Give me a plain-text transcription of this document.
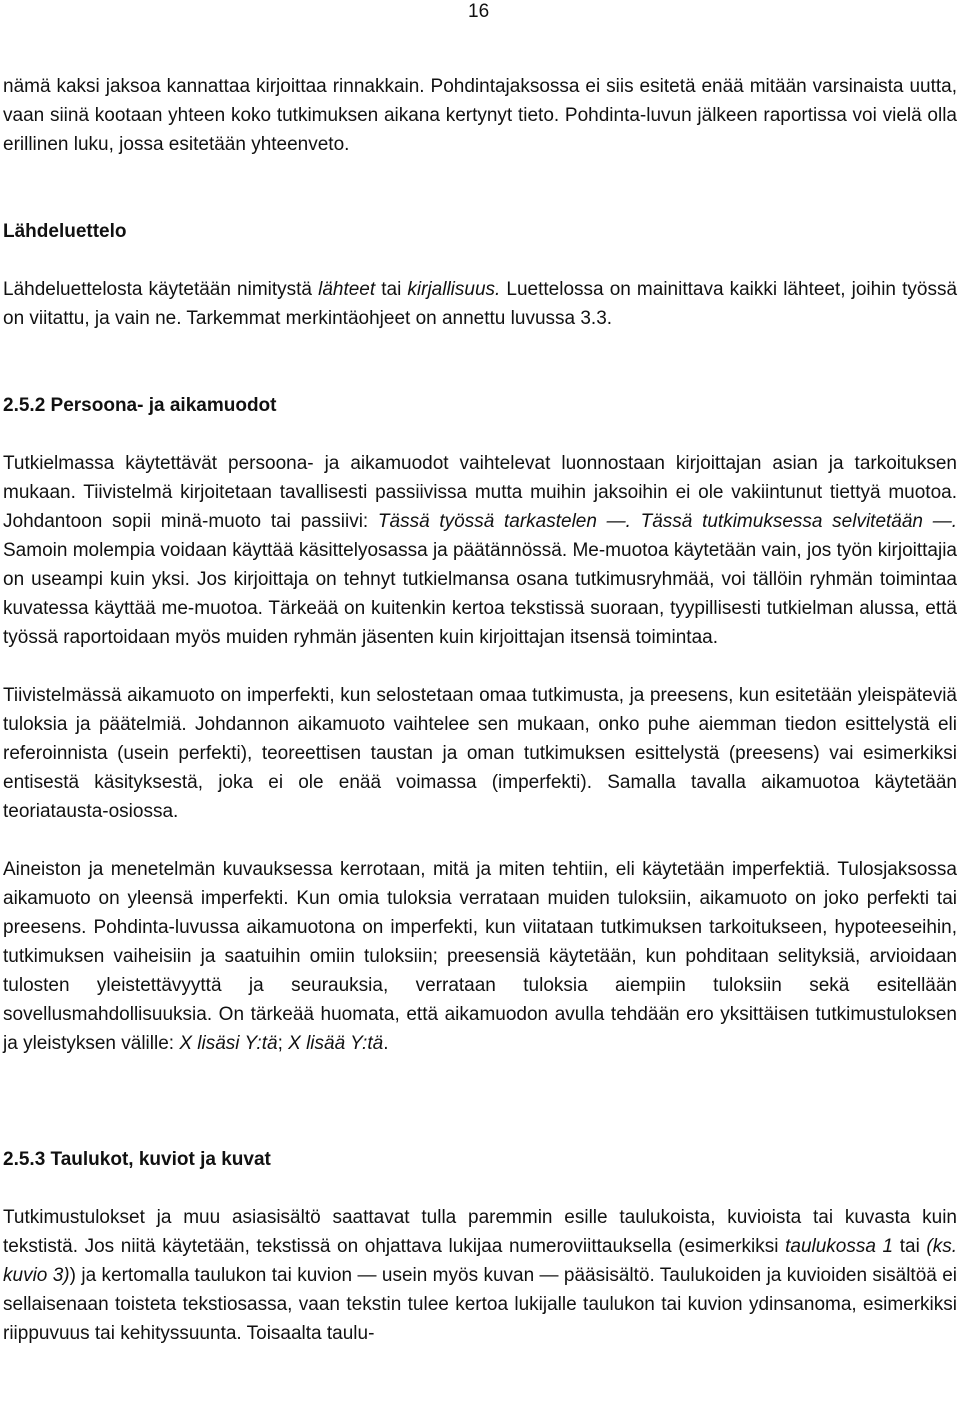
16

nämä kaksi jaksoa kannattaa kirjoittaa rinnakkain. Pohdintajaksossa ei siis esitetä enää mitään varsinaista uutta, vaan siinä kootaan yhteen koko tutkimuksen aikana kertynyt tieto. Pohdinta-luvun jälkeen raportissa voi vielä olla erillinen luku, jossa esitetään yhteenveto.

Lähdeluettelo

Lähdeluettelosta käytetään nimitystä lähteet tai kirjallisuus. Luettelossa on mainittava kaikki lähteet, joihin työssä on viitattu, ja vain ne. Tarkemmat merkintäohjeet on annettu luvussa 3.3.

2.5.2 Persoona- ja aikamuodot

Tutkielmassa käytettävät persoona- ja aikamuodot vaihtelevat luonnostaan kirjoittajan asian ja tarkoituksen mukaan. Tiivistelmä kirjoitetaan tavallisesti passiivissa mutta muihin jaksoihin ei ole vakiintunut tiettyä muotoa. Johdantoon sopii minä-muoto tai passiivi: Tässä työssä tarkastelen —. Tässä tutkimuksessa selvitetään —. Samoin molempia voidaan käyttää käsittelyosassa ja päätännössä. Me-muotoa käytetään vain, jos työn kirjoittajia on useampi kuin yksi. Jos kirjoittaja on tehnyt tutkielmansa osana tutkimusryhmää, voi tällöin ryhmän toimintaa kuvatessa käyttää me-muotoa. Tärkeää on kuitenkin kertoa tekstissä suoraan, tyypillisesti tutkielman alussa, että työssä raportoidaan myös muiden ryhmän jäsenten kuin kirjoittajan itsensä toimintaa.

Tiivistelmässä aikamuoto on imperfekti, kun selostetaan omaa tutkimusta, ja preesens, kun esitetään yleispäteviä tuloksia ja päätelmiä. Johdannon aikamuoto vaihtelee sen mukaan, onko puhe aiemman tiedon esittelystä eli referoinnista (usein perfekti), teoreettisen taustan ja oman tutkimuksen esittelystä (preesens) vai esimerkiksi entisestä käsityksestä, joka ei ole enää voimassa (imperfekti). Samalla tavalla aikamuotoa käytetään teoriatausta-osiossa.

Aineiston ja menetelmän kuvauksessa kerrotaan, mitä ja miten tehtiin, eli käytetään imperfektiä. Tulosjaksossa aikamuoto on yleensä imperfekti. Kun omia tuloksia verrataan muiden tuloksiin, aikamuoto on joko perfekti tai preesens. Pohdinta-luvussa aikamuotona on imperfekti, kun viitataan tutkimuksen tarkoitukseen, hypoteeseihin, tutkimuksen vaiheisiin ja saatuihin omiin tuloksiin; preesensiä käytetään, kun pohditaan selityksiä, arvioidaan tulosten yleistettävyyttä ja seurauksia, verrataan tuloksia aiempiin tuloksiin sekä esitellään sovellusmahdollisuuksia. On tärkeää huomata, että aikamuodon avulla tehdään ero yksittäisen tutkimustuloksen ja yleistyksen välille: X lisäsi Y:tä; X lisää Y:tä.

2.5.3 Taulukot, kuviot ja kuvat

Tutkimustulokset ja muu asiasisältö saattavat tulla paremmin esille taulukoista, kuvioista tai kuvasta kuin tekstistä. Jos niitä käytetään, tekstissä on ohjattava lukijaa numeroviittauksella (esimerkiksi taulukossa 1 tai (ks. kuvio 3)) ja kertomalla taulukon tai kuvion — usein myös kuvan — pääsisältö. Taulukoiden ja kuvioiden sisältöä ei sellaisenaan toisteta tekstiosassa, vaan tekstin tulee kertoa lukijalle taulukon tai kuvion ydinsanoma, esimerkiksi riippuvuus tai kehityssuunta. Toisaalta taulu-
